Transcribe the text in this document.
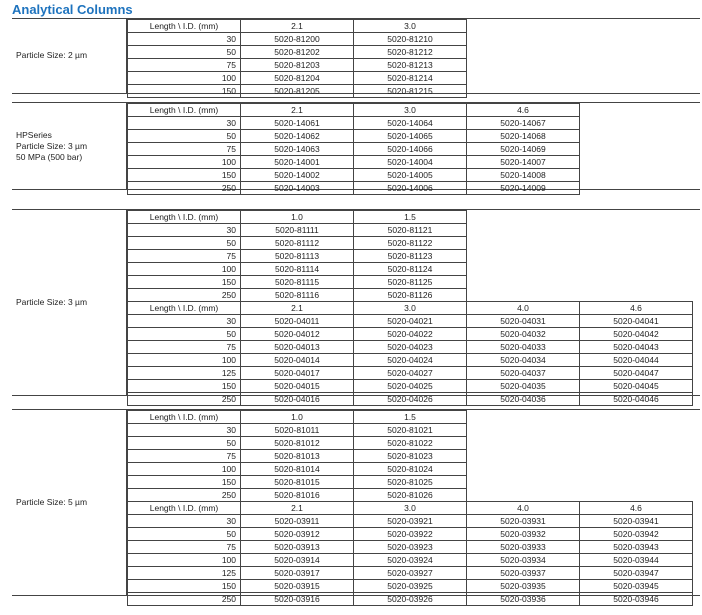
Analytical Columns
Particle Size: 2 µm
Length \ I.D. (mm)	2.1	3.0		
30	5020-81200	5020-81210		
50	5020-81202	5020-81212		
75	5020-81203	5020-81213		
100	5020-81204	5020-81214		
150	5020-81205	5020-81215		
HPSeries
Particle Size: 3 µm
50 MPa (500 bar)
Length \ I.D. (mm)	2.1	3.0	4.6	
30	5020-14061	5020-14064	5020-14067	
50	5020-14062	5020-14065	5020-14068	
75	5020-14063	5020-14066	5020-14069	
100	5020-14001	5020-14004	5020-14007	
150	5020-14002	5020-14005	5020-14008	
250	5020-14003	5020-14006	5020-14009	
Particle Size: 3 µm
Length \ I.D. (mm)	1.0	1.5		
30	5020-81111	5020-81121		
50	5020-81112	5020-81122		
75	5020-81113	5020-81123		
100	5020-81114	5020-81124		
150	5020-81115	5020-81125		
250	5020-81116	5020-81126		
Length \ I.D. (mm)	2.1	3.0	4.0	4.6
30	5020-04011	5020-04021	5020-04031	5020-04041
50	5020-04012	5020-04022	5020-04032	5020-04042
75	5020-04013	5020-04023	5020-04033	5020-04043
100	5020-04014	5020-04024	5020-04034	5020-04044
125	5020-04017	5020-04027	5020-04037	5020-04047
150	5020-04015	5020-04025	5020-04035	5020-04045
250	5020-04016	5020-04026	5020-04036	5020-04046
Particle Size: 5 µm
Length \ I.D. (mm)	1.0	1.5		
30	5020-81011	5020-81021		
50	5020-81012	5020-81022		
75	5020-81013	5020-81023		
100	5020-81014	5020-81024		
150	5020-81015	5020-81025		
250	5020-81016	5020-81026		
Length \ I.D. (mm)	2.1	3.0	4.0	4.6
30	5020-03911	5020-03921	5020-03931	5020-03941
50	5020-03912	5020-03922	5020-03932	5020-03942
75	5020-03913	5020-03923	5020-03933	5020-03943
100	5020-03914	5020-03924	5020-03934	5020-03944
125	5020-03917	5020-03927	5020-03937	5020-03947
150	5020-03915	5020-03925	5020-03935	5020-03945
250	5020-03916	5020-03926	5020-03936	5020-03946
